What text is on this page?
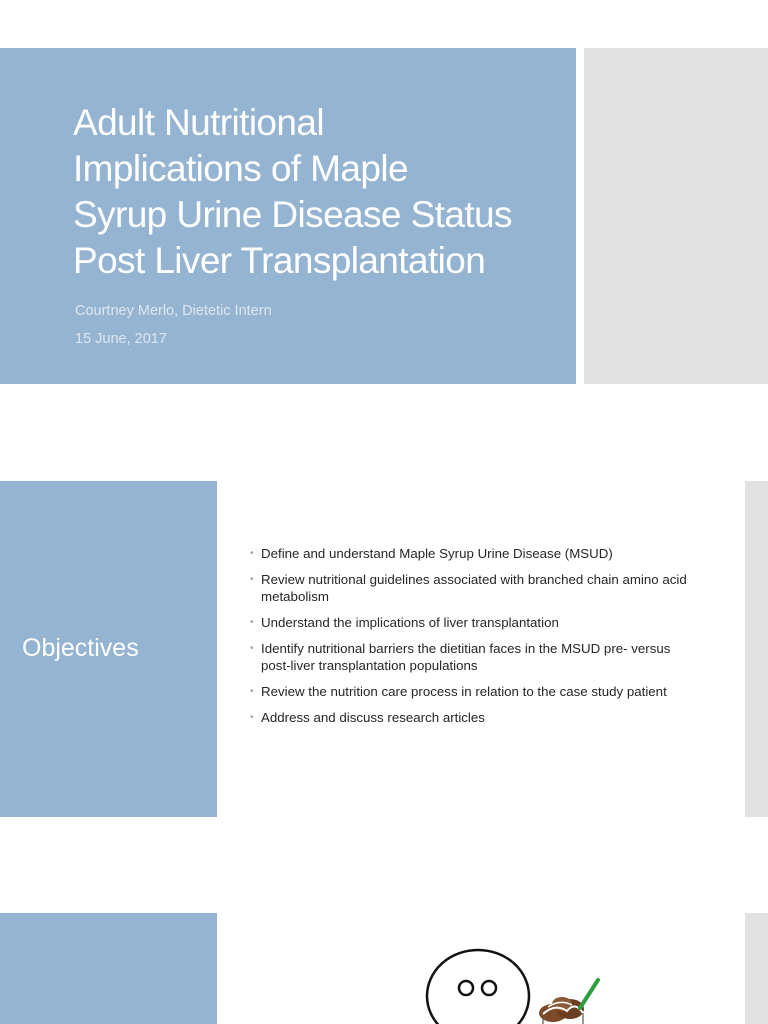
Adult Nutritional
Implications of Maple
Syrup Urine Disease Status
Post Liver Transplantation
Courtney Merlo, Dietetic Intern
15 June, 2017
Objectives
• Define and understand Maple Syrup Urine Disease (MSUD)
• Review nutritional guidelines associated with branched chain amino acid metabolism
• Understand the implications of liver transplantation
• Identify nutritional barriers the dietitian faces in the MSUD pre- versus post-liver transplantation populations
• Review the nutrition care process in relation to the case study patient
• Address and discuss research articles
